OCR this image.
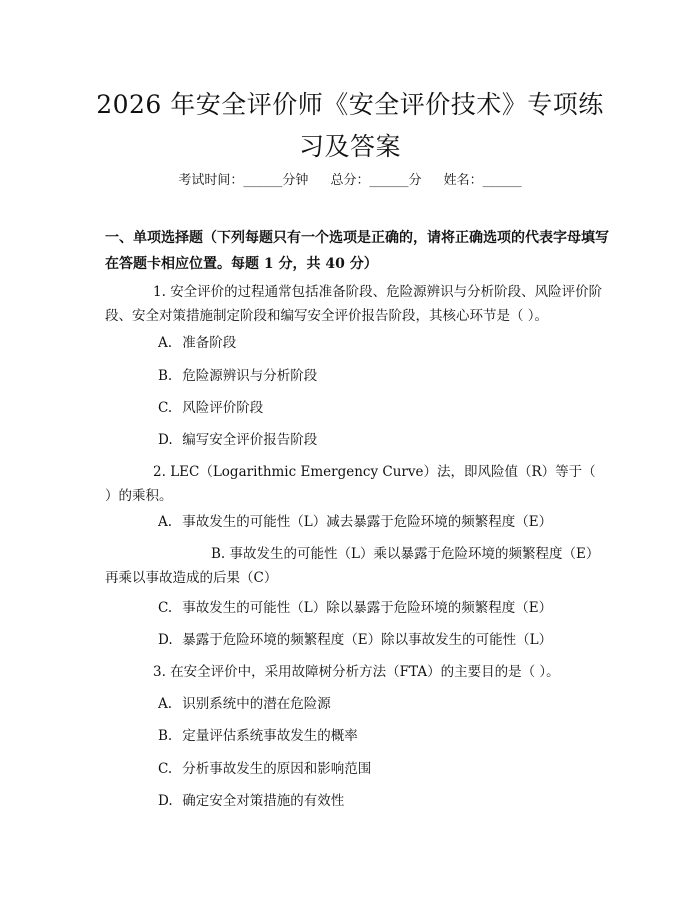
2026 年安全评价师《安全评价技术》专项练习及答案
考试时间：______分钟 总分：______分 姓名：______
一、单项选择题（下列每题只有一个选项是正确的，请将正确选项的代表字母填写在答题卡相应位置。每题 1 分，共 40 分）
1. 安全评价的过程通常包括准备阶段、危险源辨识与分析阶段、风险评价阶段、安全对策措施制定阶段和编写安全评价报告阶段，其核心环节是（ ）。
A. 准备阶段
B. 危险源辨识与分析阶段
C. 风险评价阶段
D. 编写安全评价报告阶段
2. LEC（Logarithmic Emergency Curve）法，即风险值（R）等于（ ）的乘积。
A. 事故发生的可能性（L）减去暴露于危险环境的频繁程度（E）
B. 事故发生的可能性（L）乘以暴露于危险环境的频繁程度（E）再乘以事故造成的后果（C）
C. 事故发生的可能性（L）除以暴露于危险环境的频繁程度（E）
D. 暴露于危险环境的频繁程度（E）除以事故发生的可能性（L）
3. 在安全评价中，采用故障树分析方法（FTA）的主要目的是（ ）。
A. 识别系统中的潜在危险源
B. 定量评估系统事故发生的概率
C. 分析事故发生的原因和影响范围
D. 确定安全对策措施的有效性
